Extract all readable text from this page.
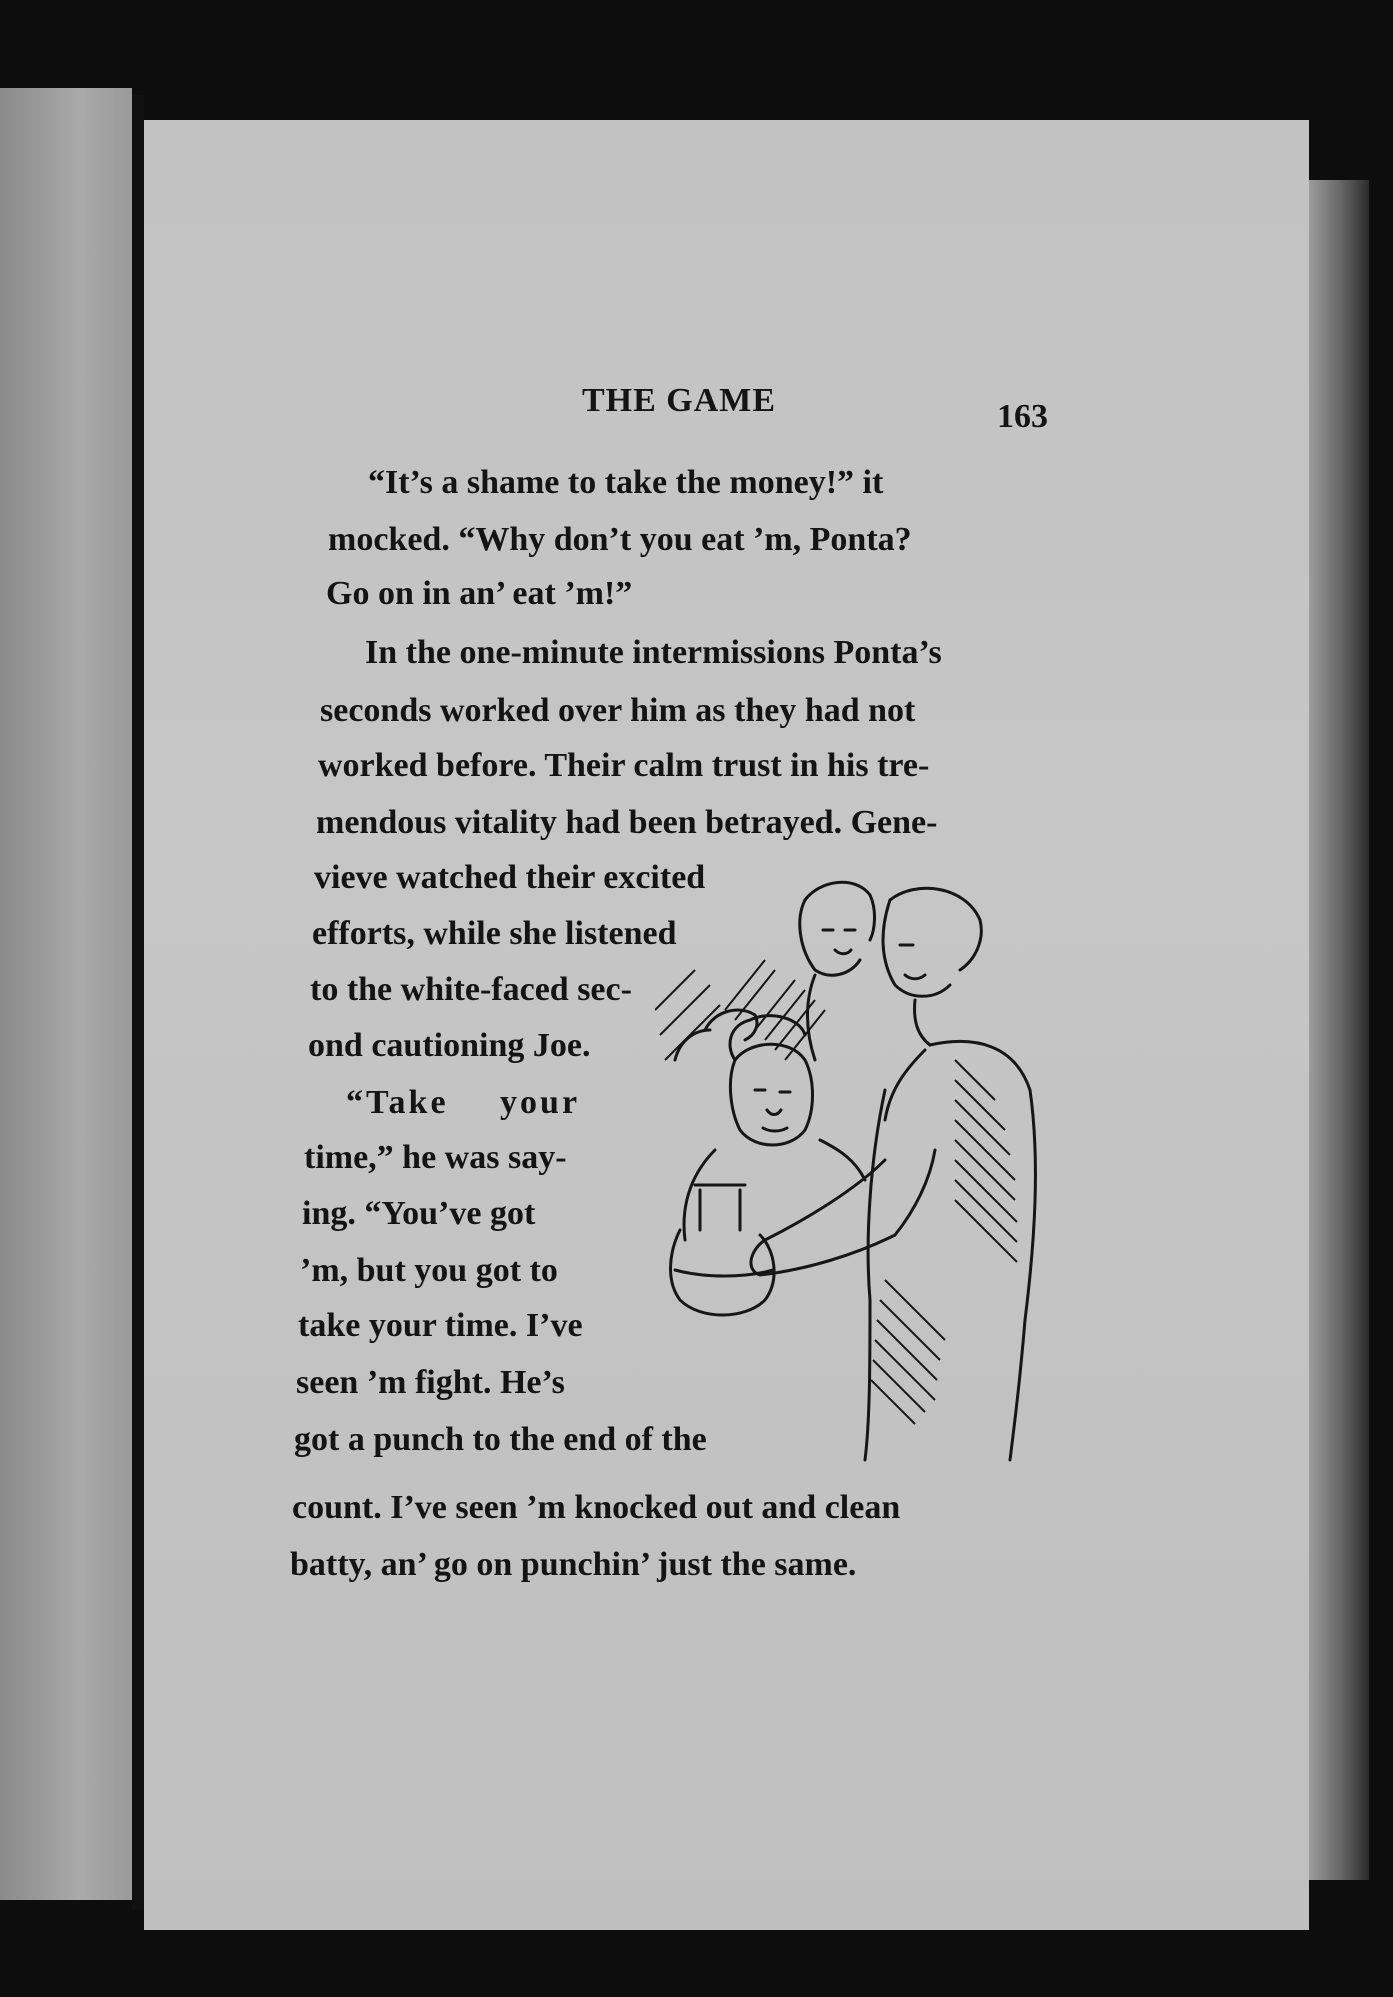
THE GAME	163

“It’s a shame to take the money!” it

mocked. “Why don’t you eat ’m, Ponta?

Go on in an’ eat ’m!”

In the one-minute intermissions Ponta’s

seconds worked over him as they had not

worked before. Their calm trust in his tre-

mendous vitality had been betrayed. Gene-

vieve watched their excited

efforts, while she listened

to the white-faced sec-

ond cautioning Joe.

“Take your

time,” he was say-

ing. “You’ve got

’m, but you got to

take your time. I’ve

seen ’m fight. He’s

got a punch to the end of the

count. I’ve seen ’m knocked out and clean

batty, an’ go on punchin’ just the same.
